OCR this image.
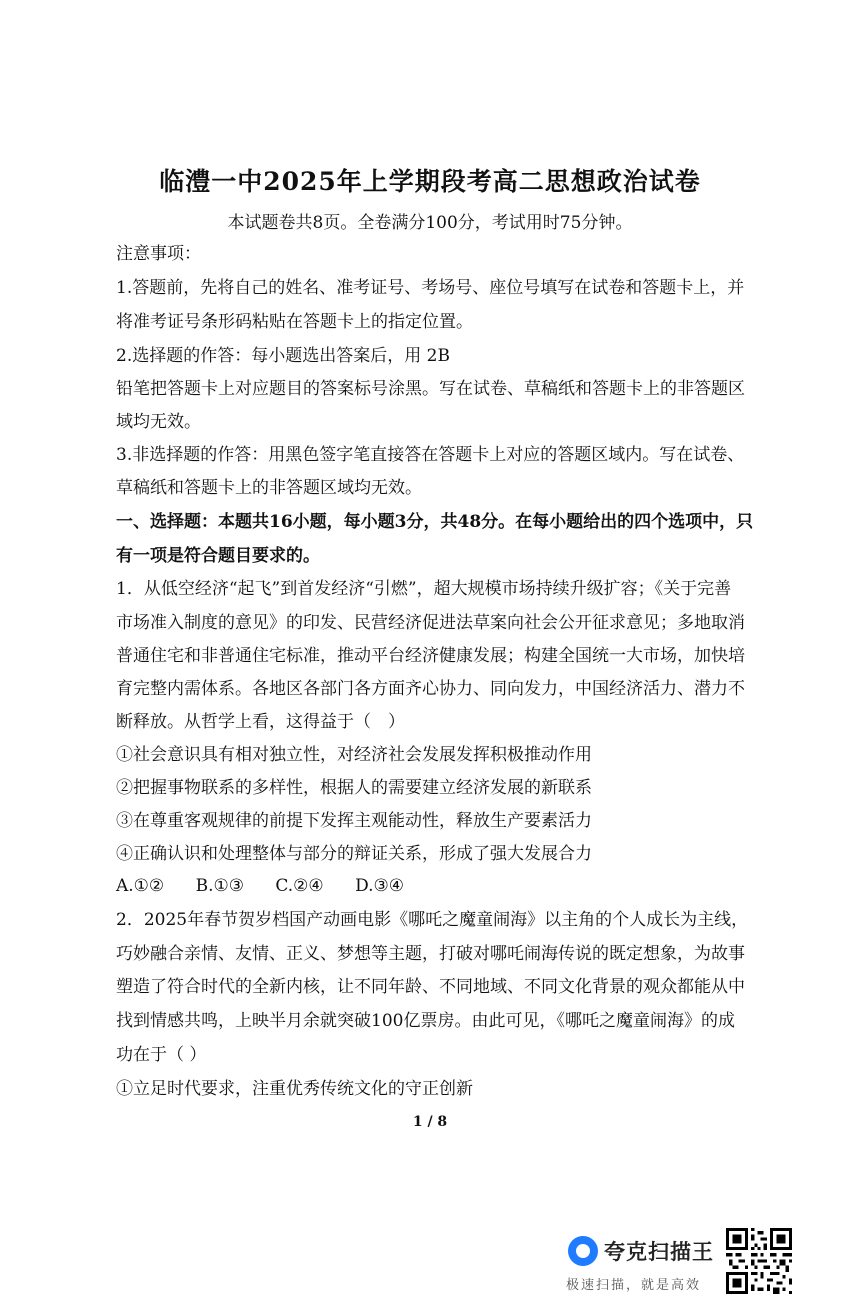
临澧一中2025年上学期段考高二思想政治试卷
本试题卷共8页。全卷满分100分，考试用时75分钟。
注意事项：
1.答题前，先将自己的姓名、准考证号、考场号、座位号填写在试卷和答题卡上，并
将准考证号条形码粘贴在答题卡上的指定位置。
2.选择题的作答：每小题选出答案后，用 2B
铅笔把答题卡上对应题目的答案标号涂黑。写在试卷、草稿纸和答题卡上的非答题区
域均无效。
3.非选择题的作答：用黑色签字笔直接答在答题卡上对应的答题区域内。写在试卷、
草稿纸和答题卡上的非答题区域均无效。
一、选择题：本题共16小题，每小题3分，共48分。在每小题给出的四个选项中，只
有一项是符合题目要求的。
1．从低空经济“起飞”到首发经济“引燃”，超大规模市场持续升级扩容；《关于完善
市场准入制度的意见》的印发、民营经济促进法草案向社会公开征求意见；多地取消
普通住宅和非普通住宅标准，推动平台经济健康发展；构建全国统一大市场，加快培
育完整内需体系。各地区各部门各方面齐心协力、同向发力，中国经济活力、潜力不
断释放。从哲学上看，这得益于（　）
①社会意识具有相对独立性，对经济社会发展发挥积极推动作用
②把握事物联系的多样性，根据人的需要建立经济发展的新联系
③在尊重客观规律的前提下发挥主观能动性，释放生产要素活力
④正确认识和处理整体与部分的辩证关系，形成了强大发展合力
A.①② B.①③ C.②④ D.③④
2．2025年春节贺岁档国产动画电影《哪吒之魔童闹海》以主角的个人成长为主线，
巧妙融合亲情、友情、正义、梦想等主题，打破对哪吒闹海传说的既定想象，为故事
塑造了符合时代的全新内核，让不同年龄、不同地域、不同文化背景的观众都能从中
找到情感共鸣，上映半月余就突破100亿票房。由此可见，《哪吒之魔童闹海》的成
功在于（ ）
①立足时代要求，注重优秀传统文化的守正创新
1 / 8
夸克扫描王
极速扫描，就是高效
